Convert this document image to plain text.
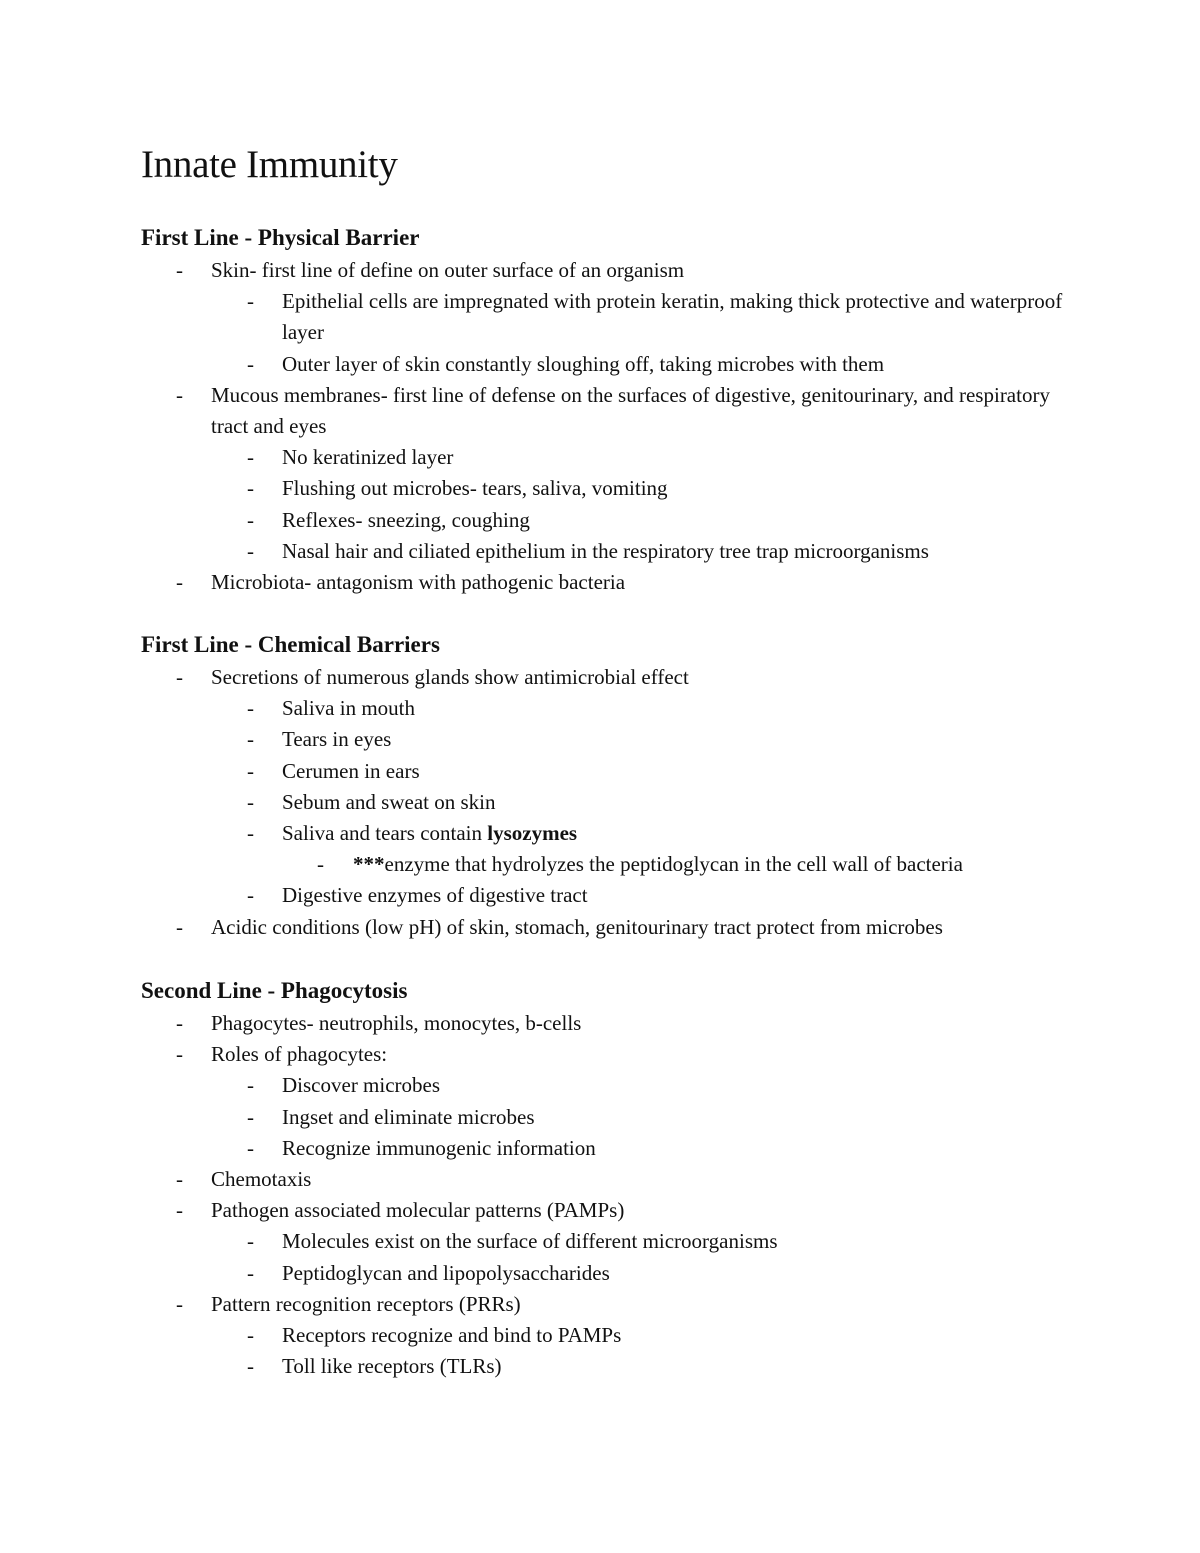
Innate Immunity
First Line - Physical Barrier
- Skin- first line of define on outer surface of an organism
- Epithelial cells are impregnated with protein keratin, making thick protective and waterproof layer
- Outer layer of skin constantly sloughing off, taking microbes with them
- Mucous membranes- first line of defense on the surfaces of digestive, genitourinary, and respiratory tract and eyes
- No keratinized layer
- Flushing out microbes- tears, saliva, vomiting
- Reflexes- sneezing, coughing
- Nasal hair and ciliated epithelium in the respiratory tree trap microorganisms
- Microbiota- antagonism with pathogenic bacteria
First Line - Chemical Barriers
- Secretions of numerous glands show antimicrobial effect
- Saliva in mouth
- Tears in eyes
- Cerumen in ears
- Sebum and sweat on skin
- Saliva and tears contain lysozymes
- ***enzyme that hydrolyzes the peptidoglycan in the cell wall of bacteria
- Digestive enzymes of digestive tract
- Acidic conditions (low pH) of skin, stomach, genitourinary tract protect from microbes
Second Line - Phagocytosis
- Phagocytes- neutrophils, monocytes, b-cells
- Roles of phagocytes:
- Discover microbes
- Ingset and eliminate microbes
- Recognize immunogenic information
- Chemotaxis
- Pathogen associated molecular patterns (PAMPs)
- Molecules exist on the surface of different microorganisms
- Peptidoglycan and lipopolysaccharides
- Pattern recognition receptors (PRRs)
- Receptors recognize and bind to PAMPs
- Toll like receptors (TLRs)
